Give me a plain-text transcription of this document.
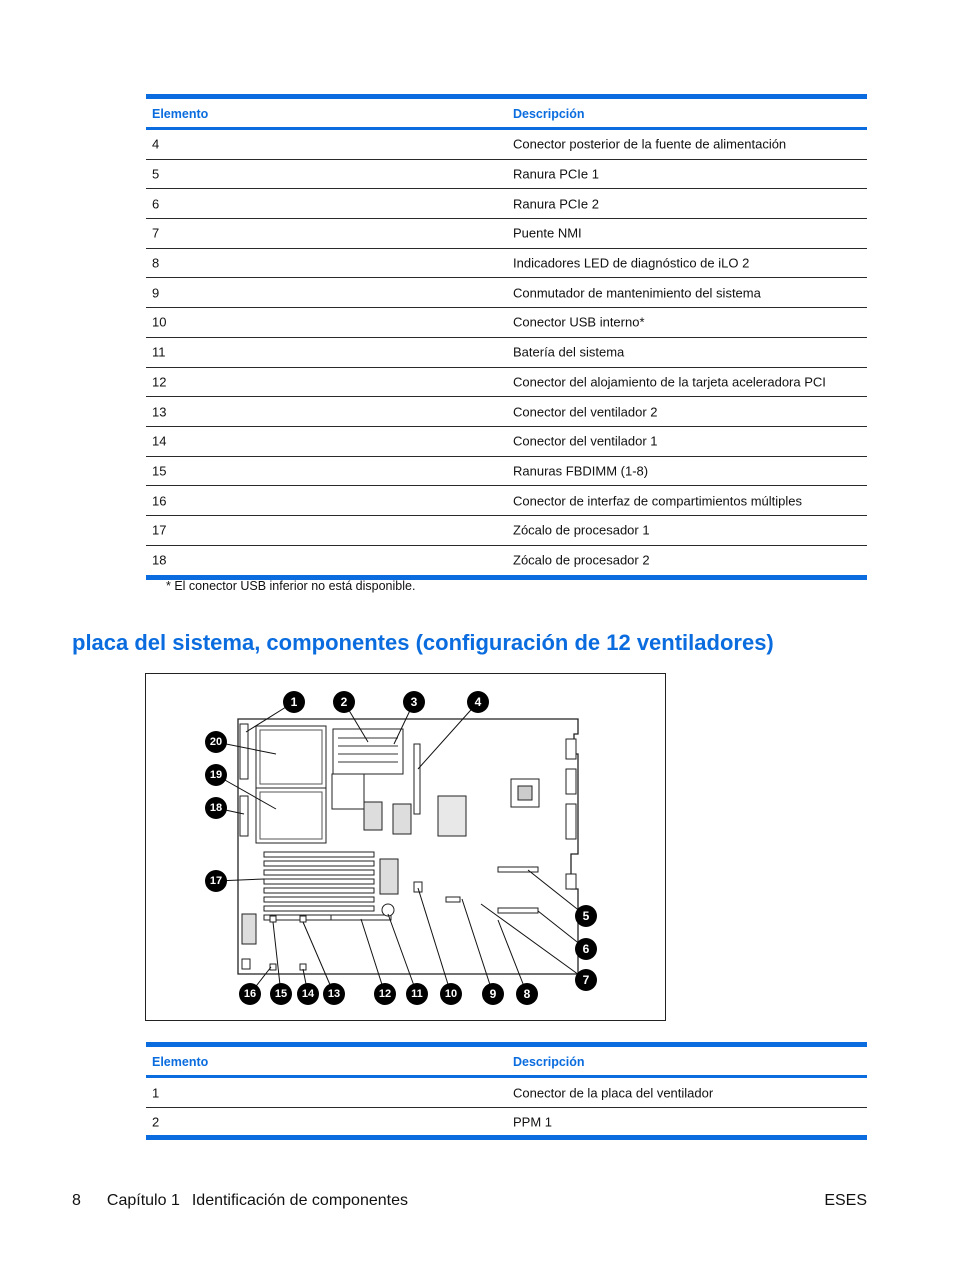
Elemento	Descripción
4	Conector posterior de la fuente de alimentación
5	Ranura PCIe 1
6	Ranura PCIe 2
7	Puente NMI
8	Indicadores LED de diagnóstico de iLO 2
9	Conmutador de mantenimiento del sistema
10	Conector USB interno*
11	Batería del sistema
12	Conector del alojamiento de la tarjeta aceleradora PCI
13	Conector del ventilador 2
14	Conector del ventilador 1
15	Ranuras FBDIMM (1-8)
16	Conector de interfaz de compartimientos múltiples
17	Zócalo de procesador 1
18	Zócalo de procesador 2
* El conector USB inferior no está disponible.
placa del sistema, componentes (configuración de 12 ventiladores)
1	2	3	4
5
6
7
8
9
10
11
12
13
14
15
16
17
18
19
20
Elemento	Descripción
1	Conector de la placa del ventilador
2	PPM 1
8 Capítulo 1 Identificación de componentes	ESES
